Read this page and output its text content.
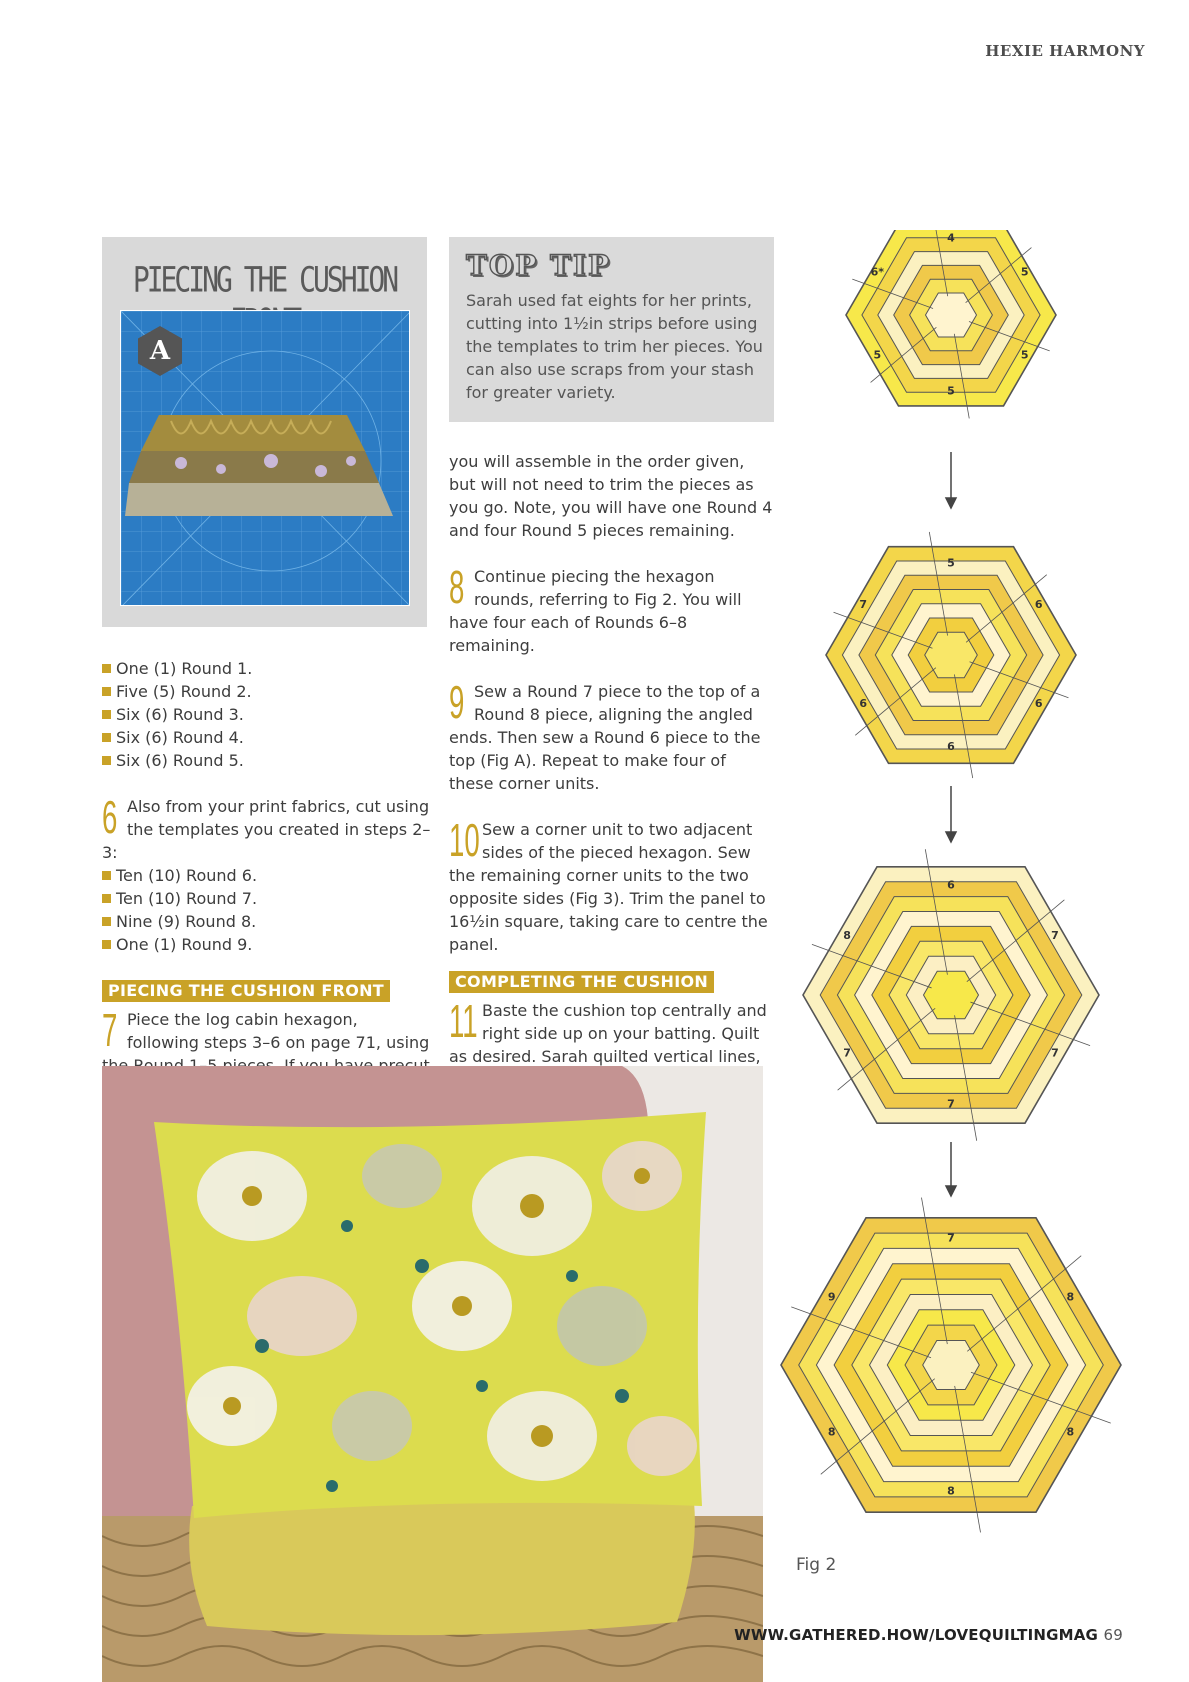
HEXIE HARMONY
PIECING THE CUSHION
A
TOP TIP
Sarah used fat eights for her prints, cutting into 1½in strips before using the templates to trim her pieces. You can also use scraps from your stash for greater variety.
One (1) Round 1.
Five (5) Round 2.
Six (6) Round 3.
Six (6) Round 4.
Six (6) Round 5.
6 Also from your print fabrics, cut using the templates you created in steps 2–3:
Ten (10) Round 6.
Ten (10) Round 7.
Nine (9) Round 8.
One (1) Round 9.
PIECING THE CUSHION FRONT
7 Piece the log cabin hexagon, following steps 3–6 on page 71, using

you will assemble in the order given, but will not need to trim the pieces as you go. Note, you will have one Round 4 and four Round 5 pieces remaining.

8 Continue piecing the hexagon rounds, referring to Fig 2. You will have four each of Rounds 6–8 remaining.

9 Sew a Round 7 piece to the top of a Round 8 piece, aligning the angled ends. Then sew a Round 6 piece to the top (Fig A). Repeat to make four of these corner units.

10 Sew a corner unit to two adjacent sides of the pieced hexagon. Sew the remaining corner units to the two opposite sides (Fig 3). Trim the panel to 16½in square, taking care to centre the panel.

COMPLETING THE CUSHION
11 Baste the cushion top centrally and right side up on your batting. Quilt as desired. Sarah quilted vertical lines,
4
5
5
5
5
6*
5
6
6
6
6
7
6
7
7
7
7
8
7
8
8
8
8
9
Fig 2
WWW.GATHERED.HOW/LOVEQUILTINGMAG 69
